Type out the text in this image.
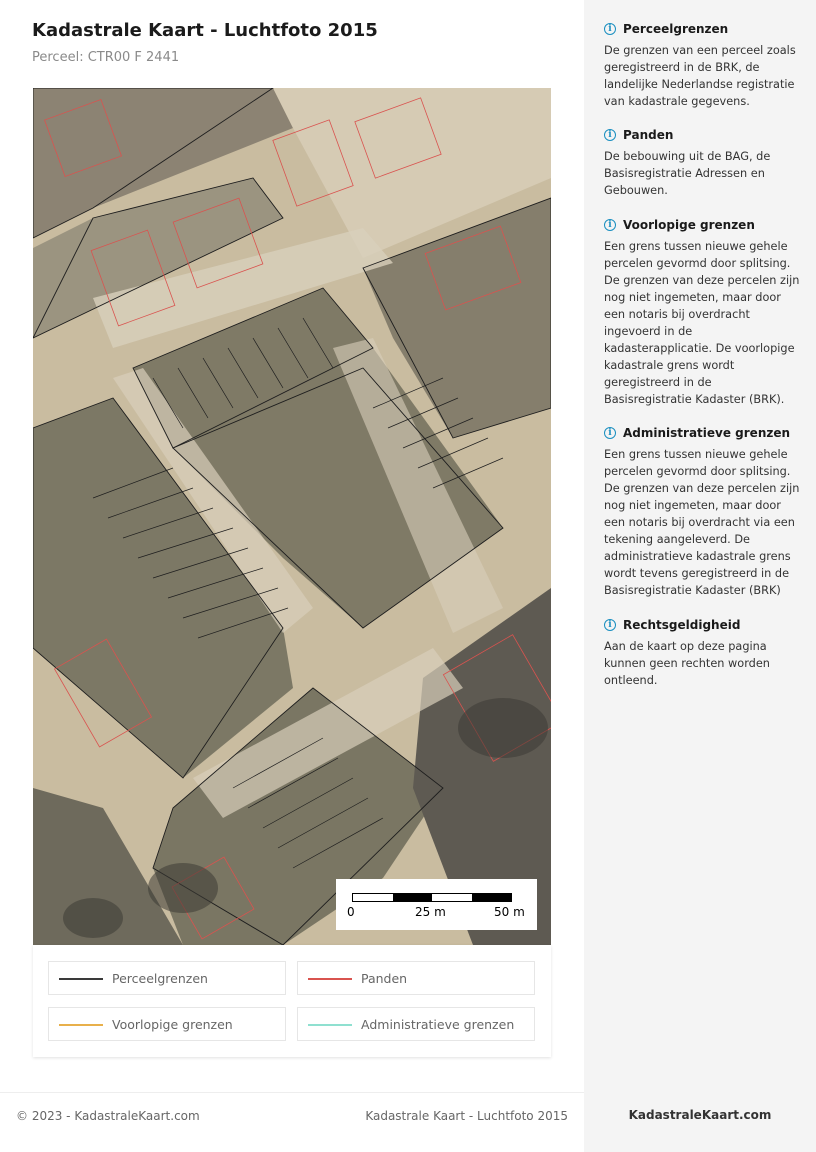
Kadastrale Kaart - Luchtfoto 2015
Perceel: CTR00 F 2441
0	25 m	50 m
Perceelgrenzen	Panden
Voorlopige grenzen	Administratieve grenzen
© 2023 - KadastraleKaart.com	Kadastrale Kaart - Luchtfoto 2015
i Perceelgrenzen
De grenzen van een perceel zoals geregistreerd in de BRK, de landelijke Nederlandse registratie van kadastrale gegevens.
i Panden
De bebouwing uit de BAG, de Basisregistratie Adressen en Gebouwen.
i Voorlopige grenzen
Een grens tussen nieuwe gehele percelen gevormd door splitsing. De grenzen van deze percelen zijn nog niet ingemeten, maar door een notaris bij overdracht ingevoerd in de kadasterapplicatie. De voorlopige kadastrale grens wordt geregistreerd in de Basisregistratie Kadaster (BRK).
i Administratieve grenzen
Een grens tussen nieuwe gehele percelen gevormd door splitsing. De grenzen van deze percelen zijn nog niet ingemeten, maar door een notaris bij overdracht via een tekening aangeleverd. De administratieve kadastrale grens wordt tevens geregistreerd in de Basisregistratie Kadaster (BRK)
i Rechtsgeldigheid
Aan de kaart op deze pagina kunnen geen rechten worden ontleend.
KadastraleKaart.com
